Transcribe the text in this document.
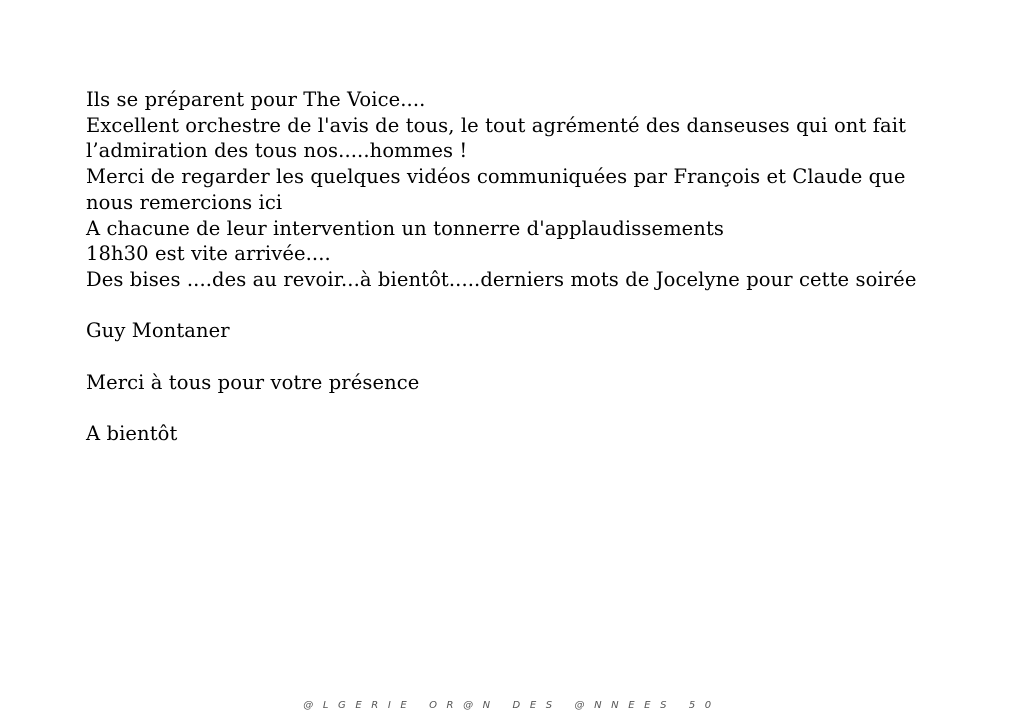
Ils se préparent pour The Voice....

Excellent orchestre de l'avis de tous, le tout agrémenté des danseuses qui ont fait l’admiration des tous nos.....hommes !

Merci de regarder les quelques vidéos communiquées par François et Claude que nous remercions ici

A chacune de leur intervention un tonnerre d'applaudissements

18h30 est vite arrivée....

Des bises ....des au revoir...à bientôt.....derniers mots de Jocelyne pour cette soirée

Guy Montaner

Merci à tous pour votre présence

A bientôt

@LGERIE OR@N DES @NNEES 50
